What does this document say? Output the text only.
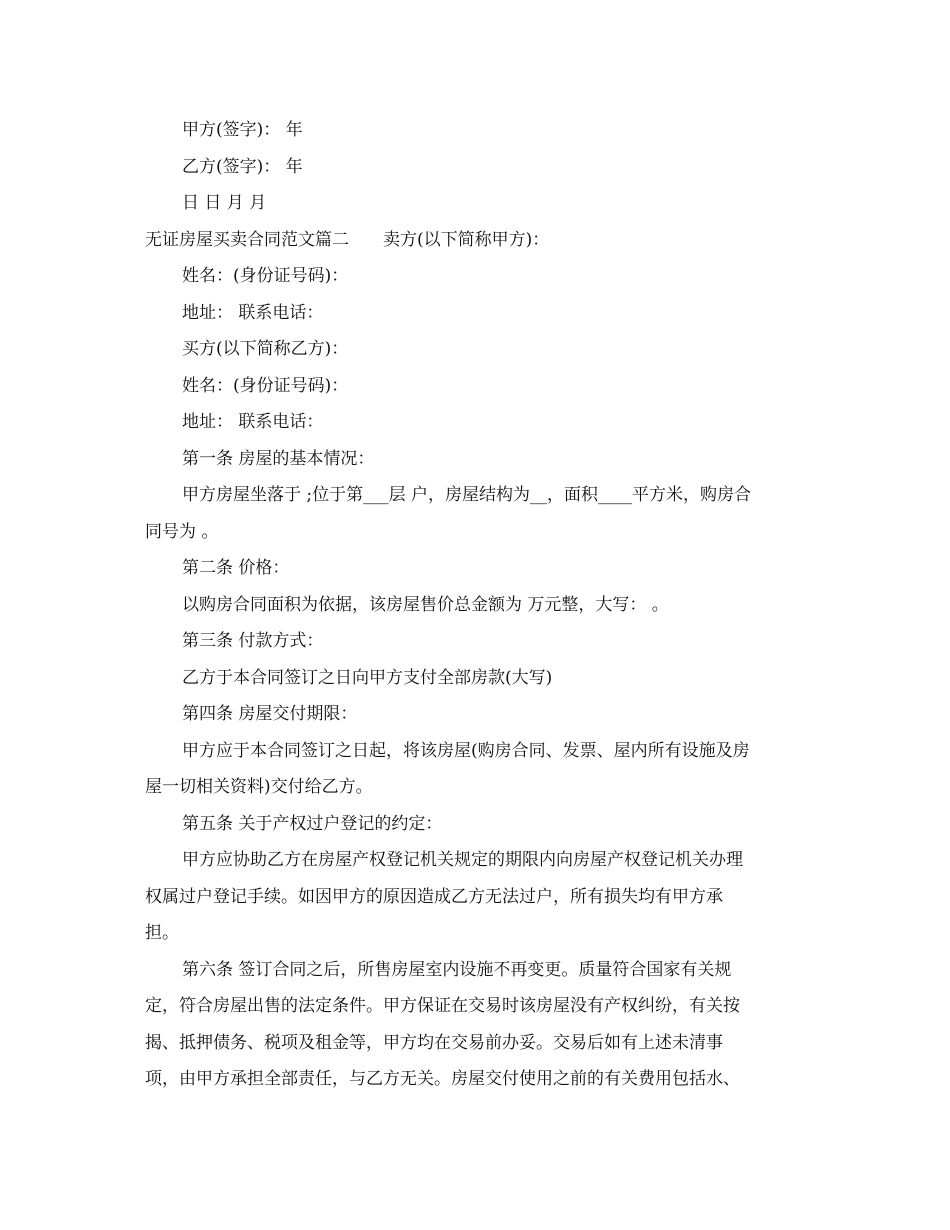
甲方(签字)： 年
乙方(签字)： 年
日 日 月 月
无证房屋买卖合同范文篇二 卖方(以下简称甲方)：
姓名：(身份证号码)：
地址： 联系电话：
买方(以下简称乙方)：
姓名：(身份证号码)：
地址： 联系电话：
第一条 房屋的基本情况：
甲方房屋坐落于 ;位于第___层 户，房屋结构为__，面积____平方米，购房合
同号为 。
第二条 价格：
以购房合同面积为依据，该房屋售价总金额为 万元整，大写： 。
第三条 付款方式：
乙方于本合同签订之日向甲方支付全部房款(大写)
第四条 房屋交付期限：
甲方应于本合同签订之日起，将该房屋(购房合同、发票、屋内所有设施及房
屋一切相关资料)交付给乙方。
第五条 关于产权过户登记的约定：
甲方应协助乙方在房屋产权登记机关规定的期限内向房屋产权登记机关办理
权属过户登记手续。如因甲方的原因造成乙方无法过户，所有损失均有甲方承
担。
第六条 签订合同之后，所售房屋室内设施不再变更。质量符合国家有关规
定，符合房屋出售的法定条件。甲方保证在交易时该房屋没有产权纠纷，有关按
揭、抵押债务、税项及租金等，甲方均在交易前办妥。交易后如有上述未清事
项，由甲方承担全部责任，与乙方无关。房屋交付使用之前的有关费用包括水、
